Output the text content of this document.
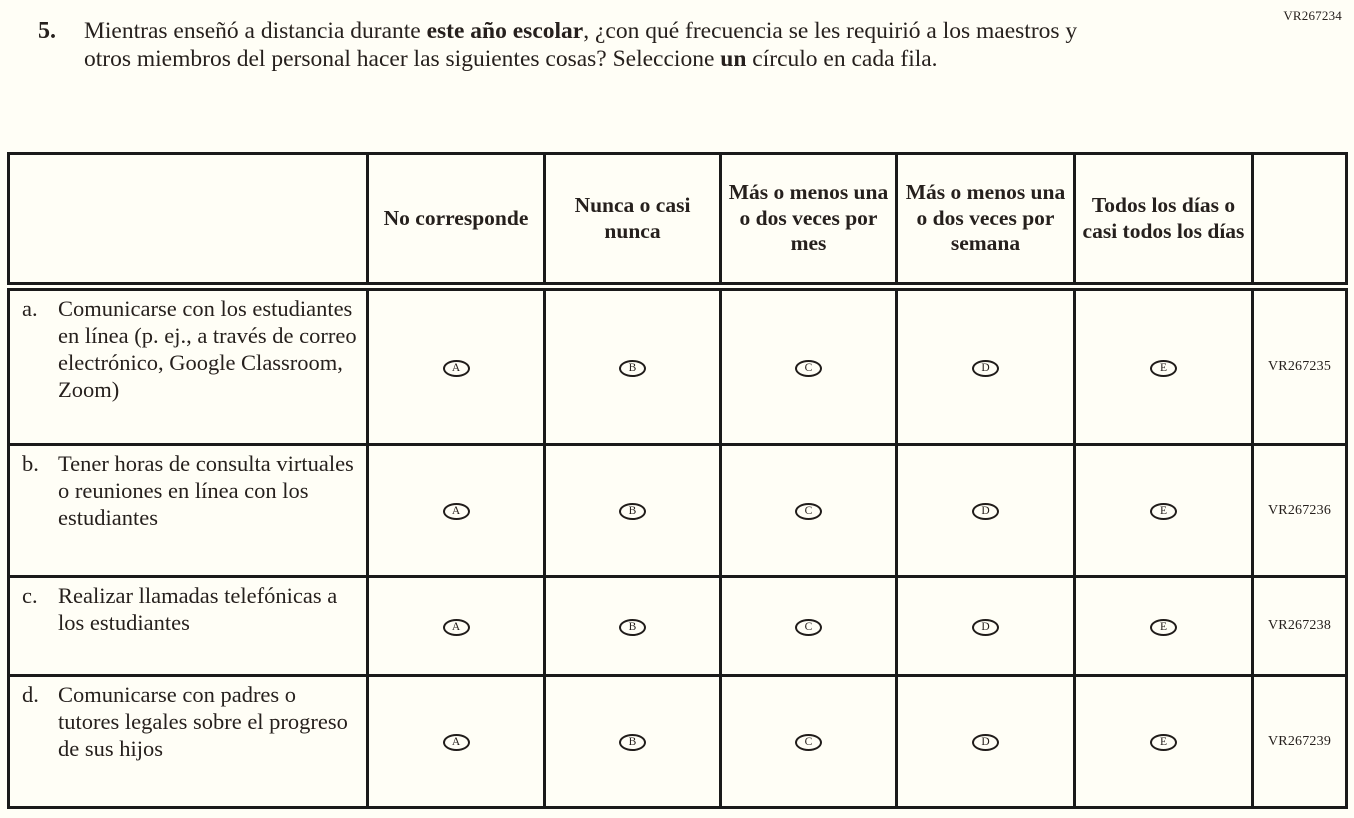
VR267234
5.	Mientras enseñó a distancia durante este año escolar, ¿con qué frecuencia se les requirió a los maestros y otros miembros del personal hacer las siguientes cosas? Seleccione un círculo en cada fila.
	No corresponde	Nunca o casi nunca	Más o menos una o dos veces por mes	Más o menos una o dos veces por semana	Todos los días o casi todos los días	

a. Comunicarse con los estudiantes en línea (p. ej., a través de correo electrónico, Google Classroom, Zoom)	A	B	C	D	E	VR267235

b. Tener horas de consulta virtuales o reuniones en línea con los estudiantes	A	B	C	D	E	VR267236

c. Realizar llamadas telefónicas a los estudiantes	A	B	C	D	E	VR267238

d. Comunicarse con padres o tutores legales sobre el progreso de sus hijos	A	B	C	D	E	VR267239
